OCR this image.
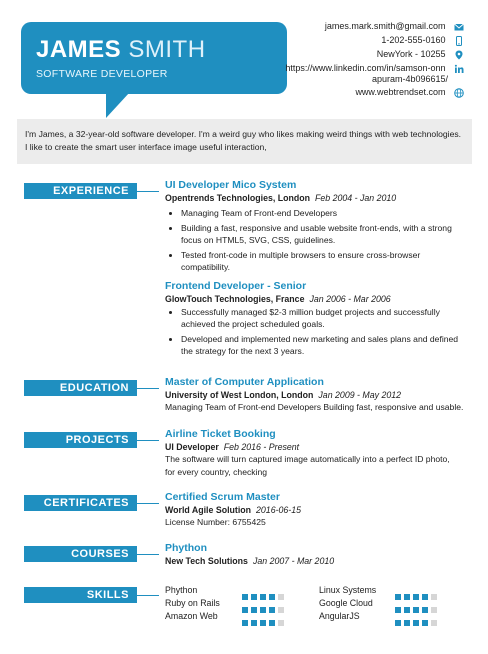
JAMES SMITH
SOFTWARE DEVELOPER
james.mark.smith@gmail.com
1-202-555-0160
NewYork - 10255
https://www.linkedin.com/in/samson-onn
apuram-4b096615/
www.webtrendset.com
I'm James, a 32-year-old software developer. I'm a weird guy who likes making weird things with web technologies. I like to create the smart user interface image useful interaction,
EXPERIENCE	UI Developer Mico System
Opentrends Technologies, London Feb 2004 - Jan 2010
• Managing Team of Front-end Developers
• Building a fast, responsive and usable website front-ends, with a strong focus on HTML5, SVG, CSS, guidelines.
• Tested front-code in multiple browsers to ensure cross-browser compatibility.
Frontend Developer - Senior
GlowTouch Technologies, France Jan 2006 - Mar 2006
• Successfully managed $2-3 million budget projects and successfully achieved the project scheduled goals.
• Developed and implemented new marketing and sales plans and defined the strategy for the next 3 years.
EDUCATION	Master of Computer Application
University of West London, London Jan 2009 - May 2012
Managing Team of Front-end Developers Building fast, responsive and usable.
PROJECTS	Airline Ticket Booking
UI Developer Feb 2016 - Present
The software will turn captured image automatically into a perfect ID photo, for every country, checking
CERTIFICATES	Certified Scrum Master
World Agile Solution 2016-06-15
License Number: 6755425
COURSES	Phython
New Tech Solutions Jan 2007 - Mar 2010
SKILLS	Phython
Ruby on Rails
Amazon Web
Linux Systems
Google Cloud
AngularJS
